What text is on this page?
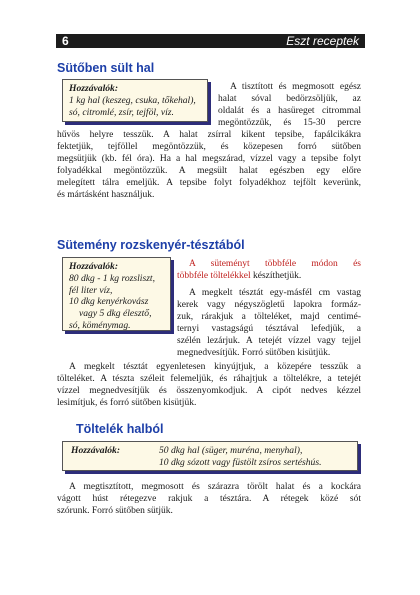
6	Eszt receptek
Sütőben sült hal
Hozzávalók:
1 kg hal (keszeg, csuka, tőkehal),
só, citromlé, zsír, tejföl, víz.
A tisztított és megmosott egész
halat sóval bedörzsöljük, az
oldalát és a hasüreget citrommal
megöntözzük, és 15-30 percre
hűvös helyre tesszük. A halat zsírral kikent tepsibe, fapálcikákra
fektetjük, tejföllel megöntözzük, és közepesen forró sütőben
megsütjük (kb. fél óra). Ha a hal megszárad, vízzel vagy a tepsibe folyt
folyadékkal megöntözzük. A megsült halat egészben egy előre
melegített tálra emeljük. A tepsibe folyt folyadékhoz tejfölt keverünk,
és mártásként használjuk.
Sütemény rozskenyér-tésztából
Hozzávalók:
80 dkg - 1 kg rozsliszt,
fél liter víz,
10 dkg kenyérkovász
vagy 5 dkg élesztő,
só, köménymag.
A süteményt többféle módon és
többféle töltelékkel készíthetjük.
A megkelt tésztát egy-másfél cm vastag
kerek vagy négyszögletű lapokra formáz-
zuk, rárakjuk a tölteléket, majd centimé-
ternyi vastagságú tésztával lefedjük, a
szélén lezárjuk. A tetejét vízzel vagy tejjel
megnedvesítjük. Forró sütőben kisütjük.
A megkelt tésztát egyenletesen kinyújtjuk, a közepére tesszük a
tölteléket. A tészta széleit felemeljük, és ráhajtjuk a töltelékre, a tetejét
vízzel megnedvesítjük és összenyomkodjuk. A cipót nedves kézzel
lesimítjuk, és forró sütőben kisütjük.
Töltelék halból
Hozzávalók:	50 dkg hal (süger, muréna, menyhal),
10 dkg sózott vagy füstölt zsíros sertéshús.
A megtisztított, megmosott és szárazra törölt halat és a kockára
vágott húst rétegezve rakjuk a tésztára. A rétegek közé sót
szórunk. Forró sütőben sütjük.
